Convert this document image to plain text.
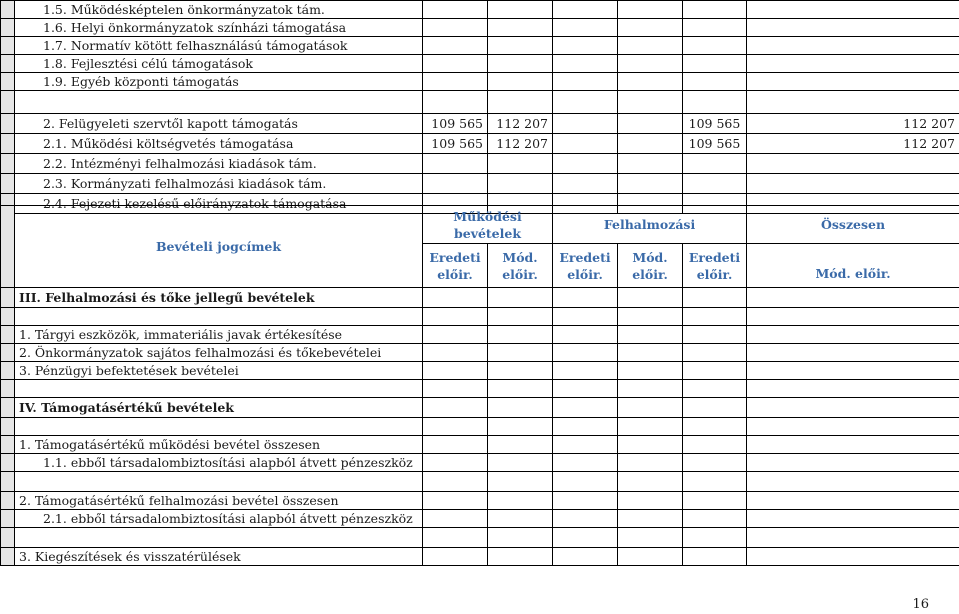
	1.5. Működésképtelen önkormányzatok tám.						
	1.6. Helyi önkormányzatok színházi támogatása						
	1.7. Normatív kötött felhasználású támogatások						
	1.8. Fejlesztési célú támogatások						
	1.9. Egyéb központi támogatás						

	2. Felügyeleti szervtől kapott támogatás	109 565	112 207			109 565	112 207
	2.1. Működési költségvetés támogatása	109 565	112 207			109 565	112 207
	2.2. Intézményi felhalmozási kiadások tám.						
	2.3. Kormányzati felhalmozási kiadások tám.						
	2.4. Fejezeti kezelésű előirányzatok támogatása						
	Bevételi jogcímek	Működési bevételek		Felhalmozási			Összesen
		Eredeti előir.	Mód. előir.	Eredeti előir.	Mód. előir.	Eredeti előir.	Mód. előir.
	III. Felhalmozási és tőke jellegű bevételek						

	1. Tárgyi eszközök, immateriális javak értékesítése						
	2. Önkormányzatok sajátos felhalmozási és tőkebevételei						
	3. Pénzügyi befektetések bevételei						

	IV. Támogatásértékű bevételek						

	1. Támogatásértékű működési bevétel összesen						
	1.1. ebből társadalombiztosítási alapból átvett pénzeszköz						

	2. Támogatásértékű felhalmozási bevétel összesen						
	2.1. ebből társadalombiztosítási alapból átvett pénzeszköz						

	3. Kiegészítések és visszatérülések						
16
